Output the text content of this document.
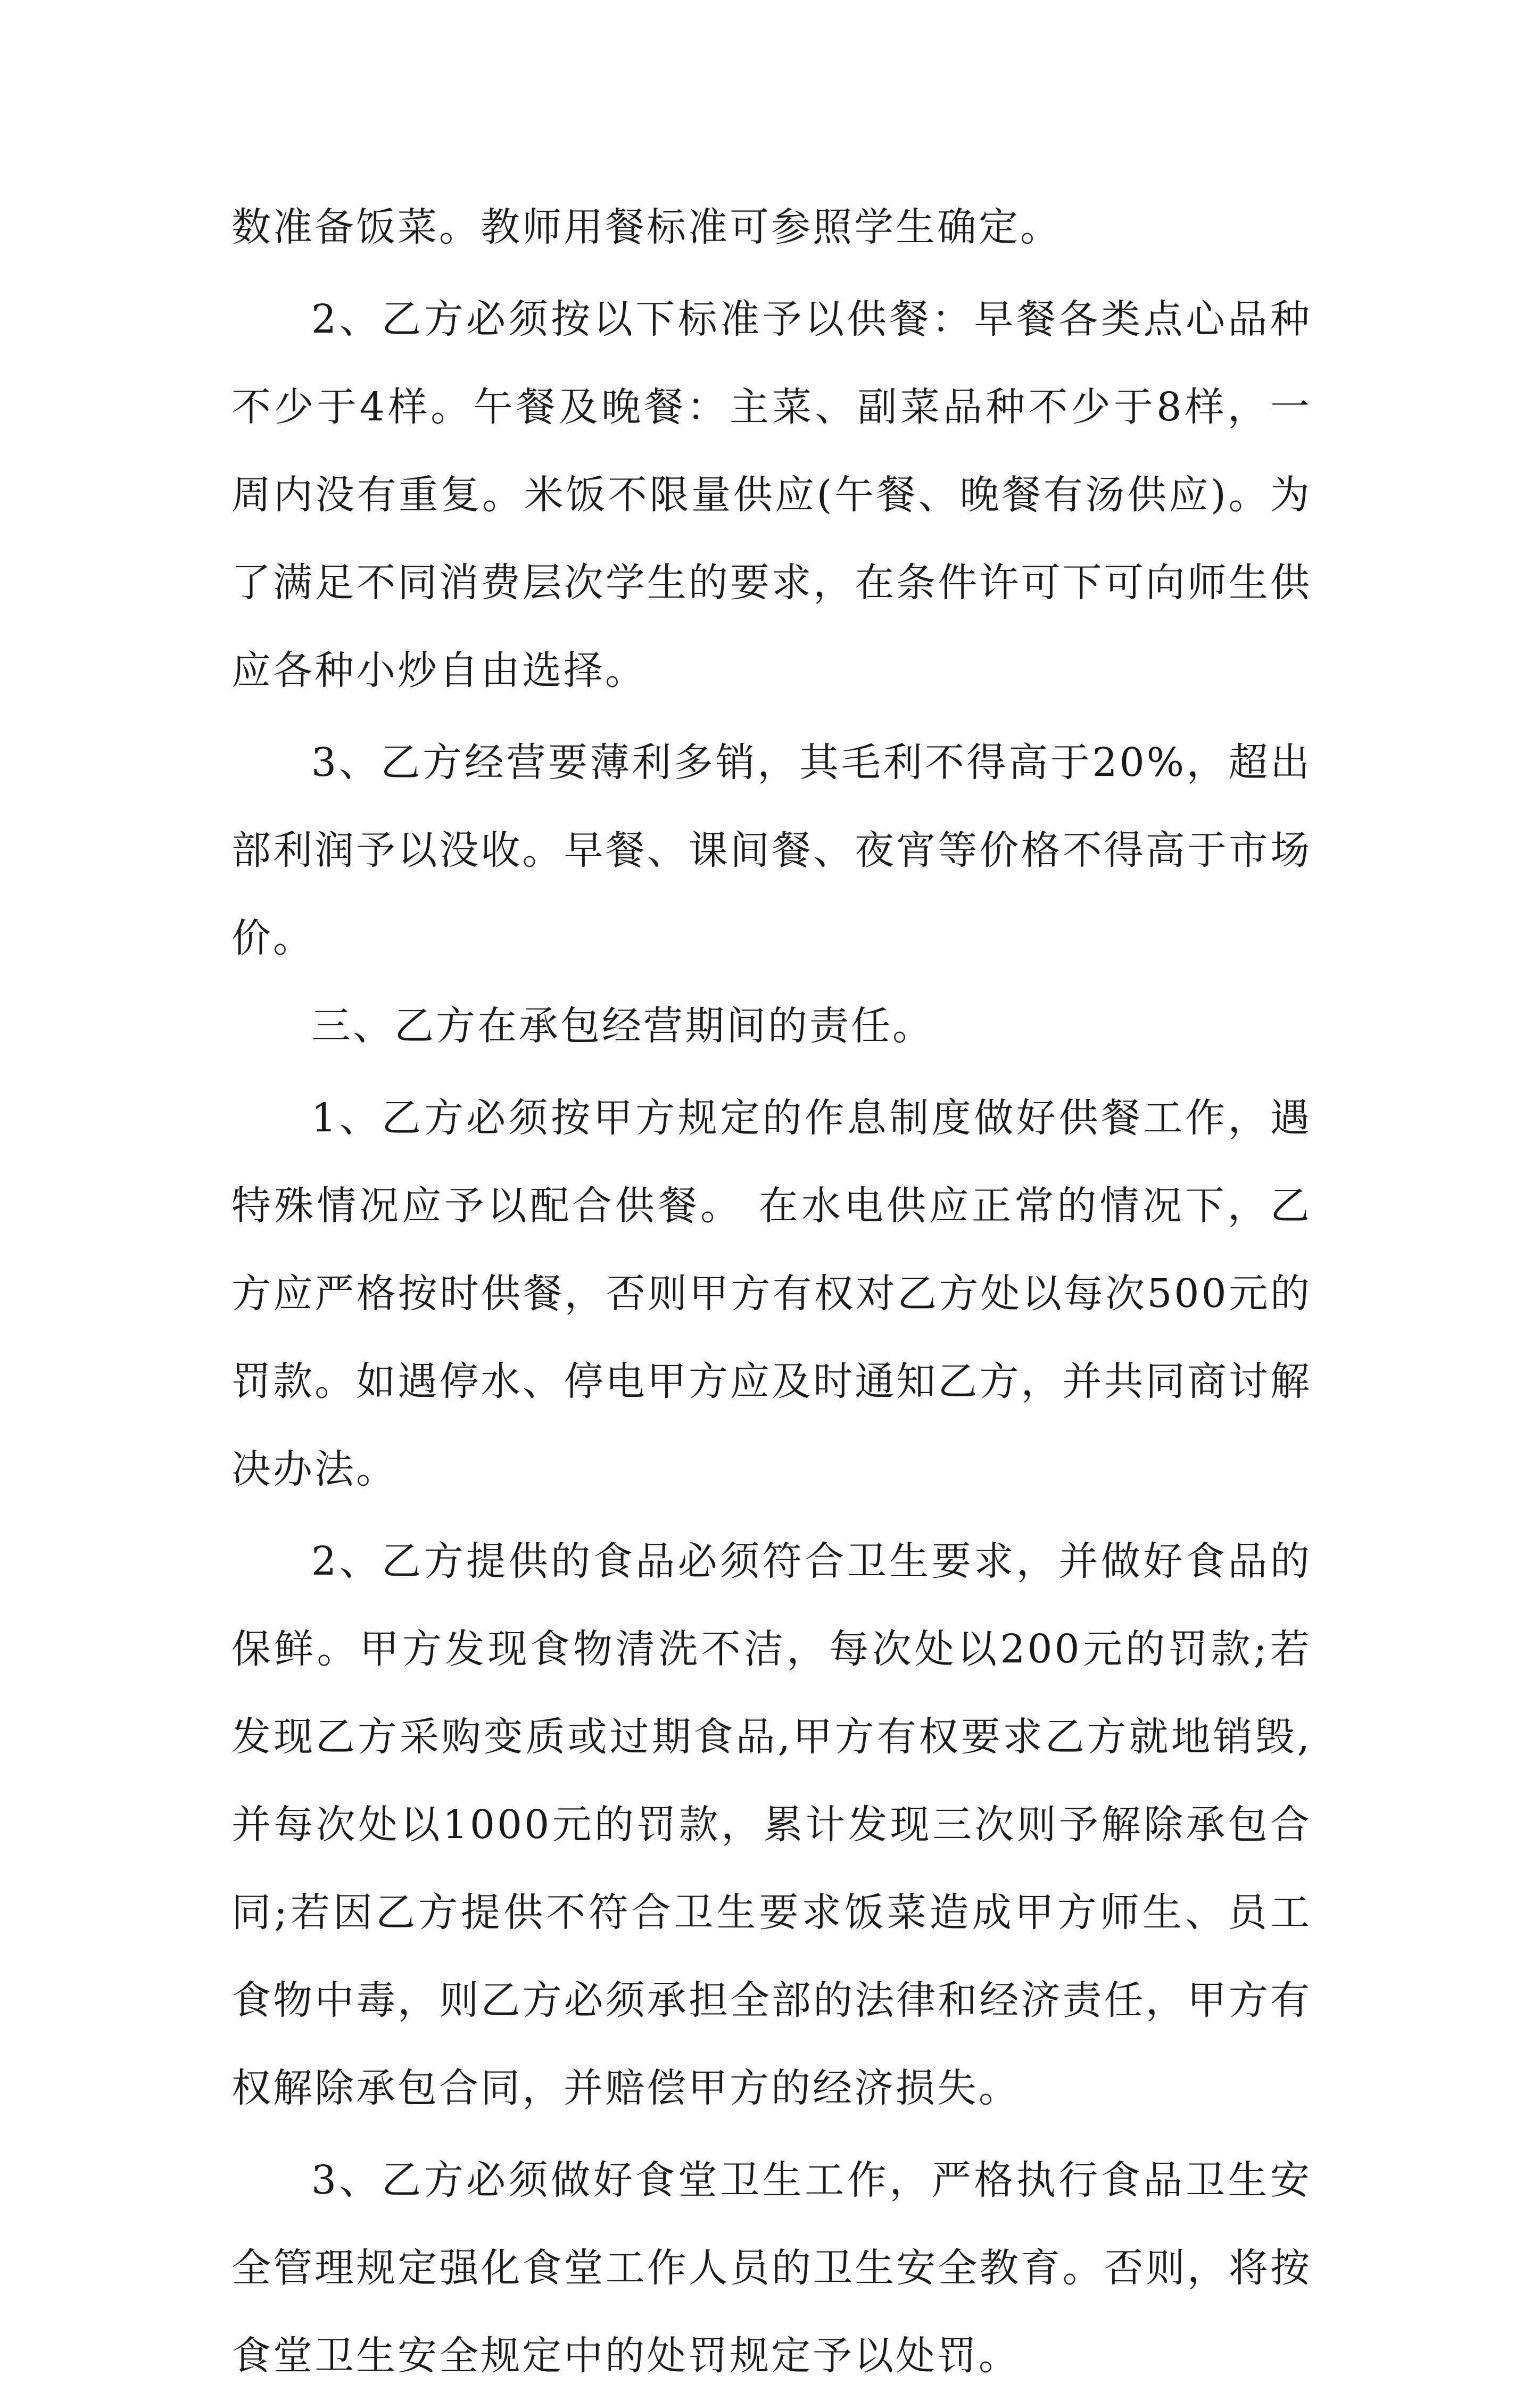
数准备饭菜。教师用餐标准可参照学生确定。

2、乙方必须按以下标准予以供餐：早餐各类点心品种不少于4样。午餐及晚餐：主菜、副菜品种不少于8样，一周内没有重复。米饭不限量供应(午餐、晚餐有汤供应)。为了满足不同消费层次学生的要求，在条件许可下可向师生供应各种小炒自由选择。

3、乙方经营要薄利多销，其毛利不得高于20%，超出部利润予以没收。早餐、课间餐、夜宵等价格不得高于市场价。

三、乙方在承包经营期间的责任。

1、乙方必须按甲方规定的作息制度做好供餐工作，遇特殊情况应予以配合供餐。 在水电供应正常的情况下，乙方应严格按时供餐，否则甲方有权对乙方处以每次500元的罚款。如遇停水、停电甲方应及时通知乙方，并共同商讨解决办法。

2、乙方提供的食品必须符合卫生要求，并做好食品的保鲜。甲方发现食物清洗不洁，每次处以200元的罚款;若发现乙方采购变质或过期食品,甲方有权要求乙方就地销毁,并每次处以1000元的罚款，累计发现三次则予解除承包合同;若因乙方提供不符合卫生要求饭菜造成甲方师生、员工食物中毒，则乙方必须承担全部的法律和经济责任，甲方有权解除承包合同，并赔偿甲方的经济损失。

3、乙方必须做好食堂卫生工作，严格执行食品卫生安全管理规定强化食堂工作人员的卫生安全教育。否则，将按食堂卫生安全规定中的处罚规定予以处罚。
